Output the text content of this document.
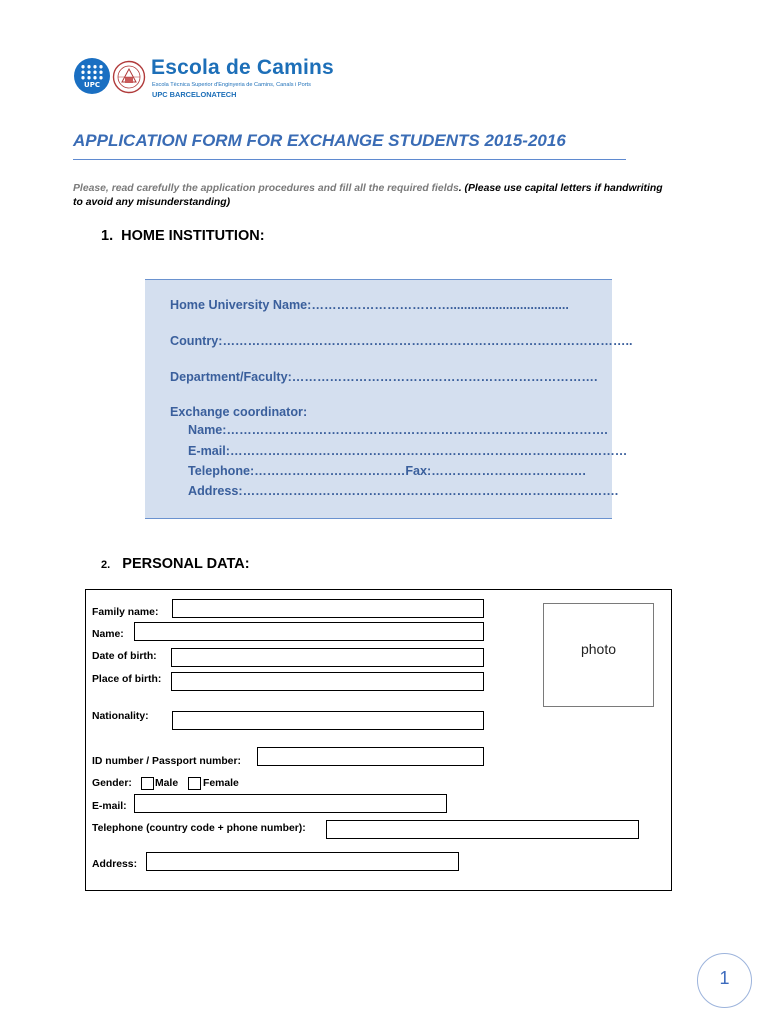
UPC
Escola de Camins
Escola Tècnica Superior d'Enginyeria de Camins, Canals i Ports
UPC BARCELONATECH
APPLICATION FORM FOR EXCHANGE STUDENTS 2015-2016
Please, read carefully the application procedures and fill all the required fields. (Please use capital letters if handwriting to avoid any misunderstanding)
1. HOME INSTITUTION:
Home University Name:……………………………..................................
Country:……………………………………………………………………………………..
Department/Faculty:……………………………………………………………….
Exchange coordinator:
Name:……………………………………………………………………………….
E-mail:………………………………………………………………………..…………
Telephone:………………………………Fax:……………………………….
Address:…………………………………………………………………..………….
2. PERSONAL DATA:
Family name:
Name:
Date of birth:
Place of birth:
Nationality:
ID number / Passport number:
Gender: Male Female
E-mail:
Telephone (country code + phone number):
Address:
photo
1
